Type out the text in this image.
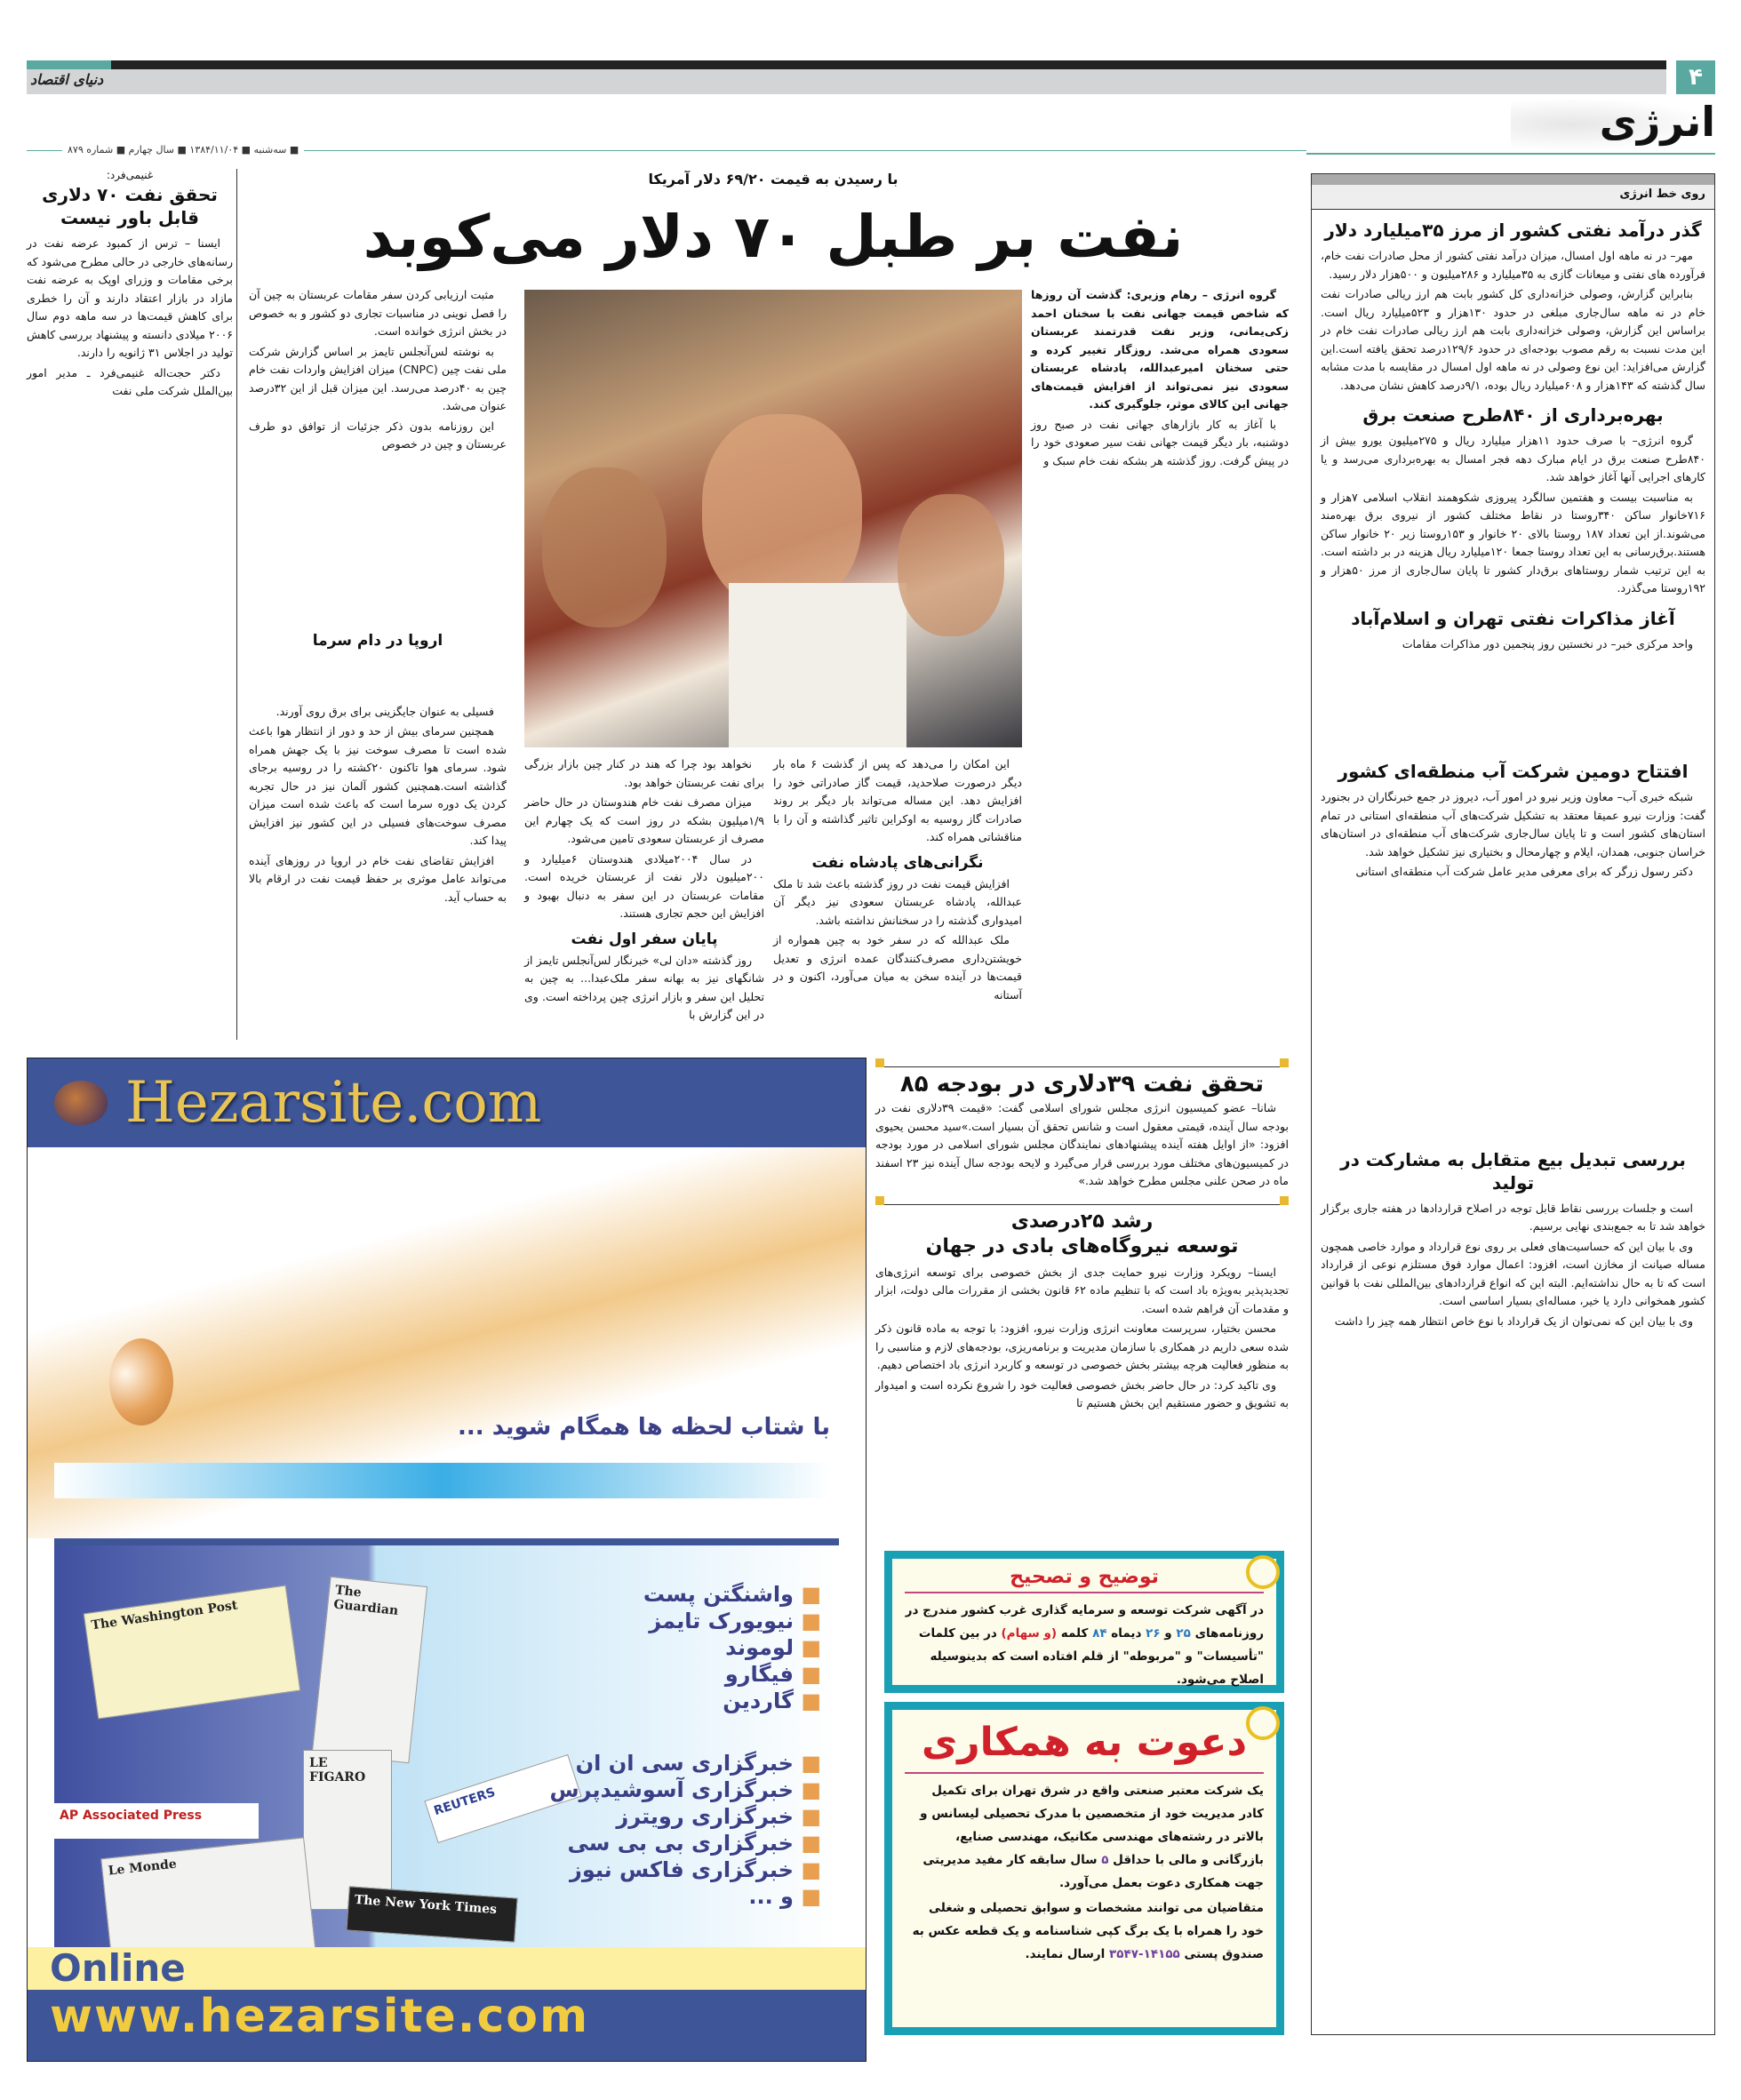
۴
دنیای اقتصاد
انرژی
■ سه‌شنبه ■ ۱۳۸۴/۱۱/۰۴ ■ سال چهارم ■ شماره ۸۷۹
روی خط انرژی
گذر درآمد نفتی کشور از مرز ۳۵میلیارد دلار

مهر– در نه ماهه اول امسال، میزان درآمد نفتی کشور از محل صادرات نفت خام، فرآورده های نفتی و میعانات گازی به ۳۵میلیارد و ۲۸۶میلیون و ۵۰۰هزار دلار رسید.

بنابراین گزارش، وصولی خزانه‌داری کل کشور بابت هم ارز ریالی صادرات نفت خام در نه ماهه سال‌جاری مبلغی در حدود ۱۳۰هزار و ۵۲۳میلیارد ریال است. براساس این گزارش، وصولی خزانه‌داری بابت هم ارز ریالی صادرات نفت خام در این مدت نسبت به رقم مصوب بودجه‌ای در حدود ۱۲۹/۶درصد تحقق یافته است.این گزارش می‌افزاید: این نوع وصولی در نه ماهه اول امسال در مقایسه با مدت مشابه سال گذشته که ۱۴۳هزار و ۶۰۸میلیارد ریال بوده، ۹/۱درصد کاهش نشان می‌دهد.

بهره‌برداری از ۸۴۰طرح صنعت برق

گروه انرژی– با صرف حدود ۱۱هزار میلیارد ریال و ۲۷۵میلیون یورو بیش از ۸۴۰طرح صنعت برق در ایام مبارک دهه فجر امسال به بهره‌برداری می‌رسد و یا کارهای اجرایی آنها آغاز خواهد شد.

به مناسبت بیست و هفتمین سالگرد پیروزی شکوهمند انقلاب اسلامی ۷هزار و ۷۱۶خانوار ساکن ۳۴۰روستا در نقاط مختلف کشور از نیروی برق بهره‌مند می‌شوند.از این تعداد ۱۸۷ روستا بالای ۲۰ خانوار و ۱۵۳روستا زیر ۲۰ خانوار ساکن هستند.برق‌رسانی به این تعداد روستا جمعا ۱۲۰میلیارد ریال هزینه در بر داشته است. به این ترتیب شمار روستاهای برق‌دار کشور تا پایان سال‌جاری از مرز ۵۰هزار و ۱۹۲روستا می‌گذرد.

آغاز مذاکرات نفتی تهران و اسلام‌آباد

واحد مرکزی خبر– در نخستین روز پنجمین دور مذاکرات مقامات

افتتاح دومین شرکت آب منطقه‌ای کشور

شبکه خبری آب– معاون وزیر نیرو در امور آب، دیروز در جمع خبرنگاران در بجنورد گفت: وزارت نیرو عمیقا معتقد به تشکیل شرکت‌های آب منطقه‌ای استانی در تمام استان‌های کشور است و تا پایان سال‌جاری شرکت‌های آب منطقه‌ای در استان‌های خراسان جنوبی، همدان، ایلام و چهارمحال و بختیاری نیز تشکیل خواهد شد.

دکتر رسول زرگر که برای معرفی مدیر عامل شرکت آب منطقه‌ای استانی

بررسی تبدیل بیع متقابل به مشارکت در تولید

است و جلسات بررسی نقاط قابل توجه در اصلاح قراردادها در هفته جاری برگزار خواهد شد تا به جمع‌بندی نهایی برسیم.

وی با بیان این که حساسیت‌های فعلی بر روی نوع قرارداد و موارد خاصی همچون مساله صیانت از مخازن است، افزود: اعمال موارد فوق مستلزم نوعی از قرارداد است که تا به حال نداشته‌ایم. البته این که انواع قراردادهای بین‌المللی نفت با قوانین کشور همخوانی دارد یا خیر، مساله‌ای بسیار اساسی است.

وی با بیان این که نمی‌توان از یک قرارداد با نوع خاص انتظار همه چیز را داشت

با رسیدن به قیمت ۶۹/۲۰ دلار آمریکا
نفت بر طبل ۷۰ دلار می‌کوبد

گروه انرژی – رهام وزیری: گذشت آن روزها که شاخص قیمت جهانی نفت با سخنان احمد زکی‌یمانی، وزیر نفت قدرتمند عربستان سعودی همراه می‌شد. روزگار تغییر کرده و حتی سخنان امیرعبدالله، پادشاه عربستان سعودی نیز نمی‌تواند از افزایش قیمت‌های جهانی این کالای موثر، جلوگیری کند.

با آغاز به کار بازارهای جهانی نفت در صبح روز دوشنبه، بار دیگر قیمت جهانی نفت سیر صعودی خود را در پیش گرفت. روز گذشته هر بشکه نفت خام سبک و

این امکان را می‌دهد که پس از گذشت ۶ ماه بار دیگر درصورت صلاحدید، قیمت گاز صادراتی خود را افزایش دهد. این مساله می‌تواند بار دیگر بر روند صادرات گاز روسیه به اوکراین تاثیر گذاشته و آن را با مناقشاتی همراه کند.

نگرانی‌های پادشاه نفت

افزایش قیمت نفت در روز گذشته باعث شد تا ملک عبدالله، پادشاه عربستان سعودی نیز دیگر آن امیدواری گذشته را در سخنانش نداشته باشد.

ملک عبدالله که در سفر خود به چین همواره از خویشتن‌داری مصرف‌کنندگان عمده انرژی و تعدیل قیمت‌ها در آینده سخن به میان می‌آورد، اکنون و در آستانه

نخواهد بود چرا که هند در کنار چین بازار بزرگی برای نفت عربستان خواهد بود.

میزان مصرف نفت خام هندوستان در حال حاضر ۱/۹میلیون بشکه در روز است که یک چهارم این مصرف از عربستان سعودی تامین می‌شود.

در سال ۲۰۰۴میلادی هندوستان ۶میلیارد و ۲۰۰میلیون دلار نفت از عربستان خریده است. مقامات عربستان در این سفر به دنبال بهبود و افزایش این حجم تجاری هستند.

پایان سفر اول نفت

روز گذشته «دان لی» خبرنگار لس‌آنجلس تایمز از شانگهای نیز به بهانه سفر ملک‌عبدا... به چین به تحلیل این سفر و بازار انرژی چین پرداخته است. وی در این گزارش با

مثبت ارزیابی کردن سفر مقامات عربستان به چین آن را فصل نوینی در مناسبات تجاری دو کشور و به خصوص در بخش انرژی خوانده است.

به نوشته لس‌آنجلس تایمز بر اساس گزارش شرکت ملی نفت چین (CNPC) میزان افزایش واردات نفت خام چین به ۴۰درصد می‌رسد. این میزان قبل از این ۳۲درصد عنوان می‌شد.

این روزنامه بدون ذکر جزئیات از توافق دو طرف عربستان و چین در خصوص

اروپا در دام سرما

فسیلی به عنوان جایگزینی برای برق روی آورند.

همچنین سرمای بیش از حد و دور از انتظار هوا باعث شده است تا مصرف سوخت نیز با یک جهش همراه شود. سرمای هوا تاکنون ۲۰کشته را در روسیه برجای گذاشته است.همچنین کشور آلمان نیز در حال تجربه کردن یک دوره سرما است که باعث شده است میزان مصرف سوخت‌های فسیلی در این کشور نیز افزایش پیدا کند.

افزایش تقاضای نفت خام در اروپا در روزهای آینده می‌تواند عامل موثری بر حفظ قیمت نفت در ارقام بالا به حساب آید.

غنیمی‌فرد:
تحقق نفت ۷۰ دلاری قابل باور نیست

ایسنا – ترس از کمبود عرضه نفت در رسانه‌های خارجی در حالی مطرح می‌شود که برخی مقامات و وزرای اوپک به عرضه نفت مازاد در بازار اعتقاد دارند و آن را خطری برای کاهش قیمت‌ها در سه ماهه دوم سال ۲۰۰۶ میلادی دانسته و پیشنهاد بررسی کاهش تولید در اجلاس ۳۱ ژانویه را دارند.

دکتر حجت‌اله غنیمی‌فرد ـ مدیر امور بین‌الملل شرکت ملی نفت

Hezarsite.com
با شتاب لحظه ها همگام شوید ...
The Washington Post
The Guardian
LE FIGARO
Le Monde
The New York Times
REUTERS
AP Associated Press
■ واشنگتن پست
■ نیویورک تایمز
■ لوموند
■ فیگارو
■ گاردین
■ خبرگزاری سی ان ان
■ خبرگزاری آسوشیدپرس
■ خبرگزاری رویترز
■ خبرگزاری بی بی سی
■ خبرگزاری فاکس نیوز
■ و ...
Online
www.hezarsite.com
تحقق نفت ۳۹دلاری در بودجه ۸۵

شانا– عضو کمیسیون انرژی مجلس شورای اسلامی گفت: «قیمت ۳۹دلاری نفت در بودجه سال آینده، قیمتی معقول است و شانس تحقق آن بسیار است.»سید محسن یحیوی افزود: «از اوایل هفته آینده پیشنهادهای نمایندگان مجلس شورای اسلامی در مورد بودجه در کمیسیون‌های مختلف مورد بررسی قرار می‌گیرد و لایحه بودجه سال آینده نیز ۲۳ اسفند ماه در صحن علنی مجلس مطرح خواهد شد.»

رشد ۲۵درصدی
توسعه نیروگاه‌های بادی در جهان

ایسنا– رویکرد وزارت نیرو حمایت جدی از بخش خصوصی برای توسعه انرژی‌های تجدیدپذیر به‌ویژه باد است که با تنظیم ماده ۶۲ قانون بخشی از مقررات مالی دولت، ابزار و مقدمات آن فراهم شده است.

محسن بختیار، سرپرست معاونت انرژی وزارت نیرو، افزود: با توجه به ماده قانون ذکر شده سعی داریم در همکاری با سازمان مدیریت و برنامه‌ریزی، بودجه‌های لازم و مناسبی را به منظور فعالیت هرچه بیشتر بخش خصوصی در توسعه و کاربرد انرژی باد اختصاص دهیم.

وی تاکید کرد: در حال حاضر بخش خصوصی فعالیت خود را شروع نکرده است و امیدوار به تشویق و حضور مستقیم این بخش هستیم تا

توضیح و تصحیح

در آگهی شرکت توسعه و سرمایه گذاری غرب کشور مندرج در روزنامه‌های ۲۵ و ۲۶ دیماه ۸۴ کلمه (و سهام) در بین کلمات "تأسیسات" و "مربوطه" از قلم افتاده است که بدینوسیله اصلاح می‌شود.

دعوت به همکاری

یک شرکت معتبر صنعتی واقع در شرق تهران برای تکمیل کادر مدیریت خود از متخصصین با مدرک تحصیلی لیسانس و بالاتر در رشته‌های مهندسی مکانیک، مهندسی صنایع، بازرگانی و مالی با حداقل ۵ سال سابقه کار مفید مدیریتی جهت همکاری دعوت بعمل می‌آورد.

متقاضیان می توانند مشخصات و سوابق تحصیلی و شغلی خود را همراه با یک برگ کپی شناسنامه و یک قطعه عکس به صندوق پستی ۱۴۱۵۵-۳۵۴۷ ارسال نمایند.
